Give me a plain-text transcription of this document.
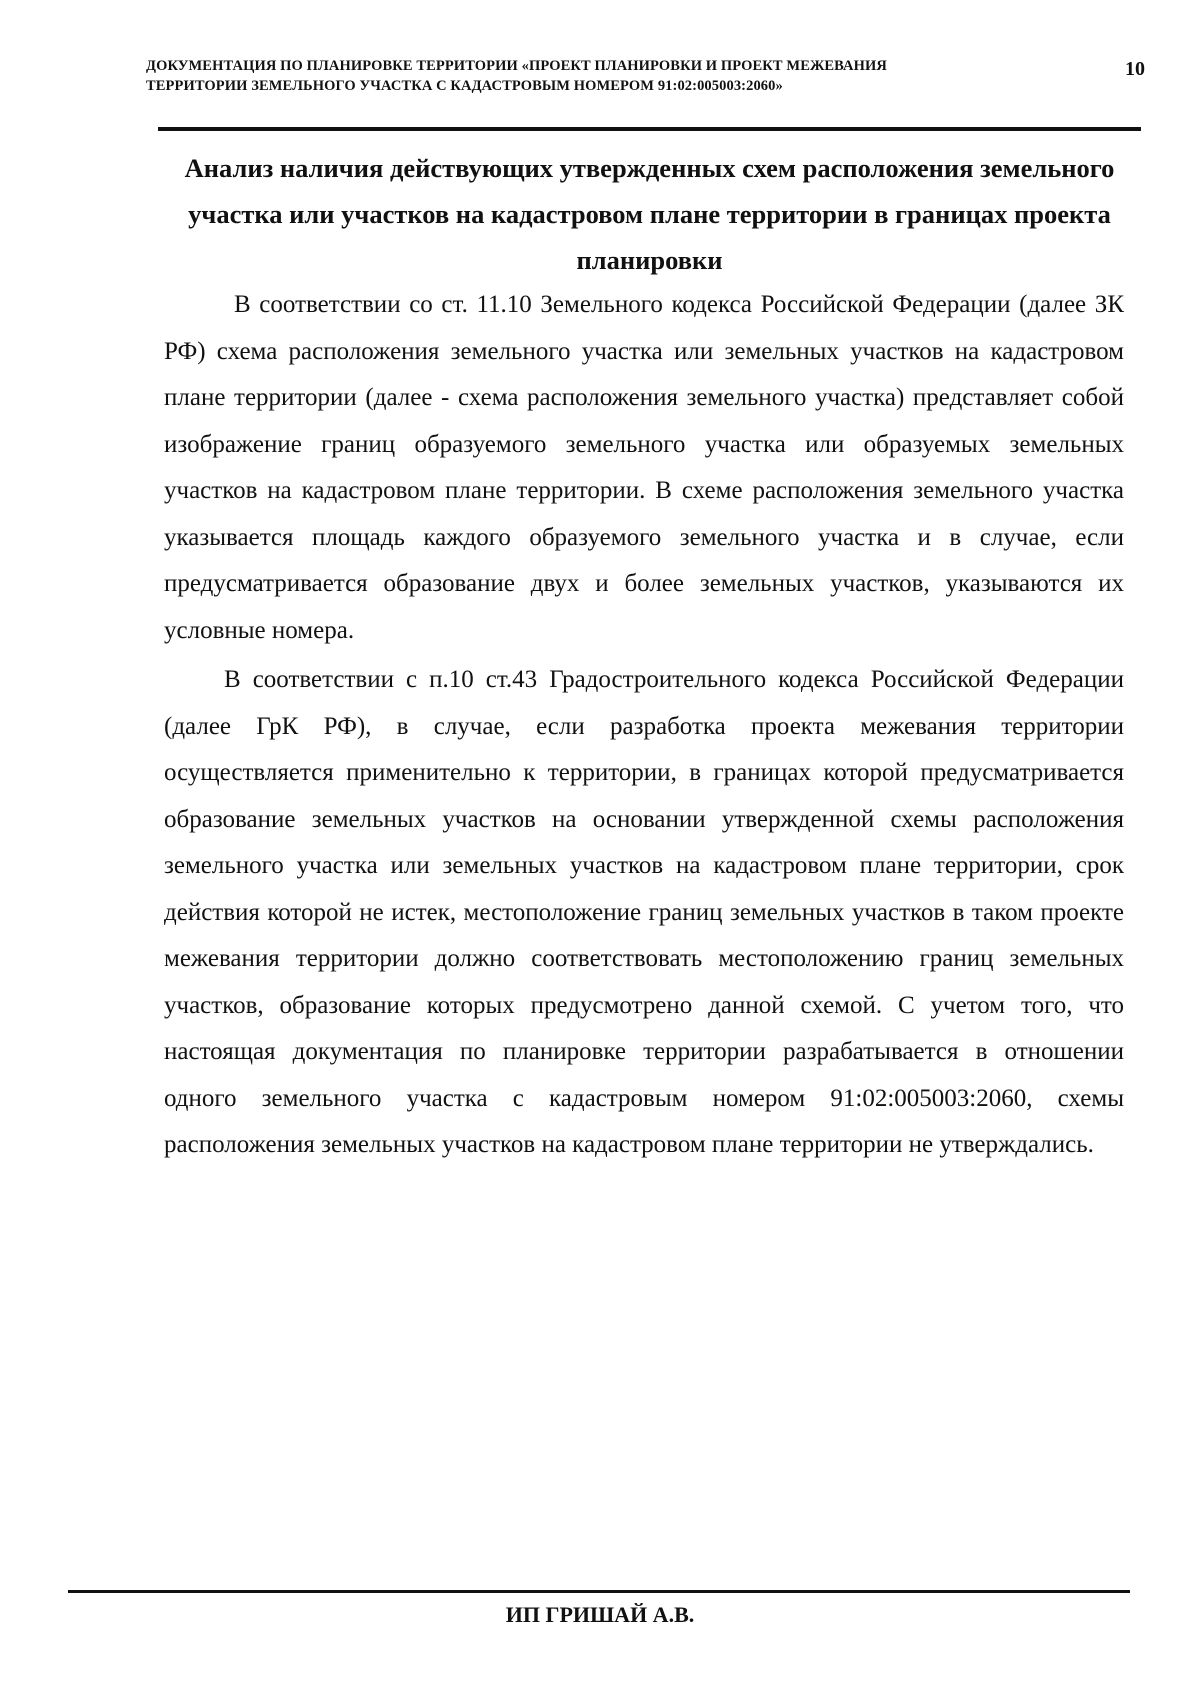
ДОКУМЕНТАЦИЯ ПО ПЛАНИРОВКЕ ТЕРРИТОРИИ «ПРОЕКТ ПЛАНИРОВКИ И ПРОЕКТ МЕЖЕВАНИЯ
ТЕРРИТОРИИ ЗЕМЕЛЬНОГО УЧАСТКА С КАДАСТРОВЫМ НОМЕРОМ 91:02:005003:2060»
10
Анализ наличия действующих утвержденных схем расположения земельного участка или участков на кадастровом плане территории в границах проекта планировки

В соответствии со ст. 11.10 Земельного кодекса Российской Федерации (далее ЗК РФ) схема расположения земельного участка или земельных участков на кадастровом плане территории (далее - схема расположения земельного участка) представляет собой изображение границ образуемого земельного участка или образуемых земельных участков на кадастровом плане территории. В схеме расположения земельного участка указывается площадь каждого образуемого земельного участка и в случае, если предусматривается образование двух и более земельных участков, указываются их условные номера.

В соответствии с п.10 ст.43 Градостроительного кодекса Российской Федерации (далее ГрК РФ), в случае, если разработка проекта межевания территории осуществляется применительно к территории, в границах которой предусматривается образование земельных участков на основании утвержденной схемы расположения земельного участка или земельных участков на кадастровом плане территории, срок действия которой не истек, местоположение границ земельных участков в таком проекте межевания территории должно соответствовать местоположению границ земельных участков, образование которых предусмотрено данной схемой. С учетом того, что настоящая документация по планировке территории разрабатывается в отношении одного земельного участка с кадастровым номером 91:02:005003:2060, схемы расположения земельных участков на кадастровом плане территории не утверждались.

ИП ГРИШАЙ А.В.
